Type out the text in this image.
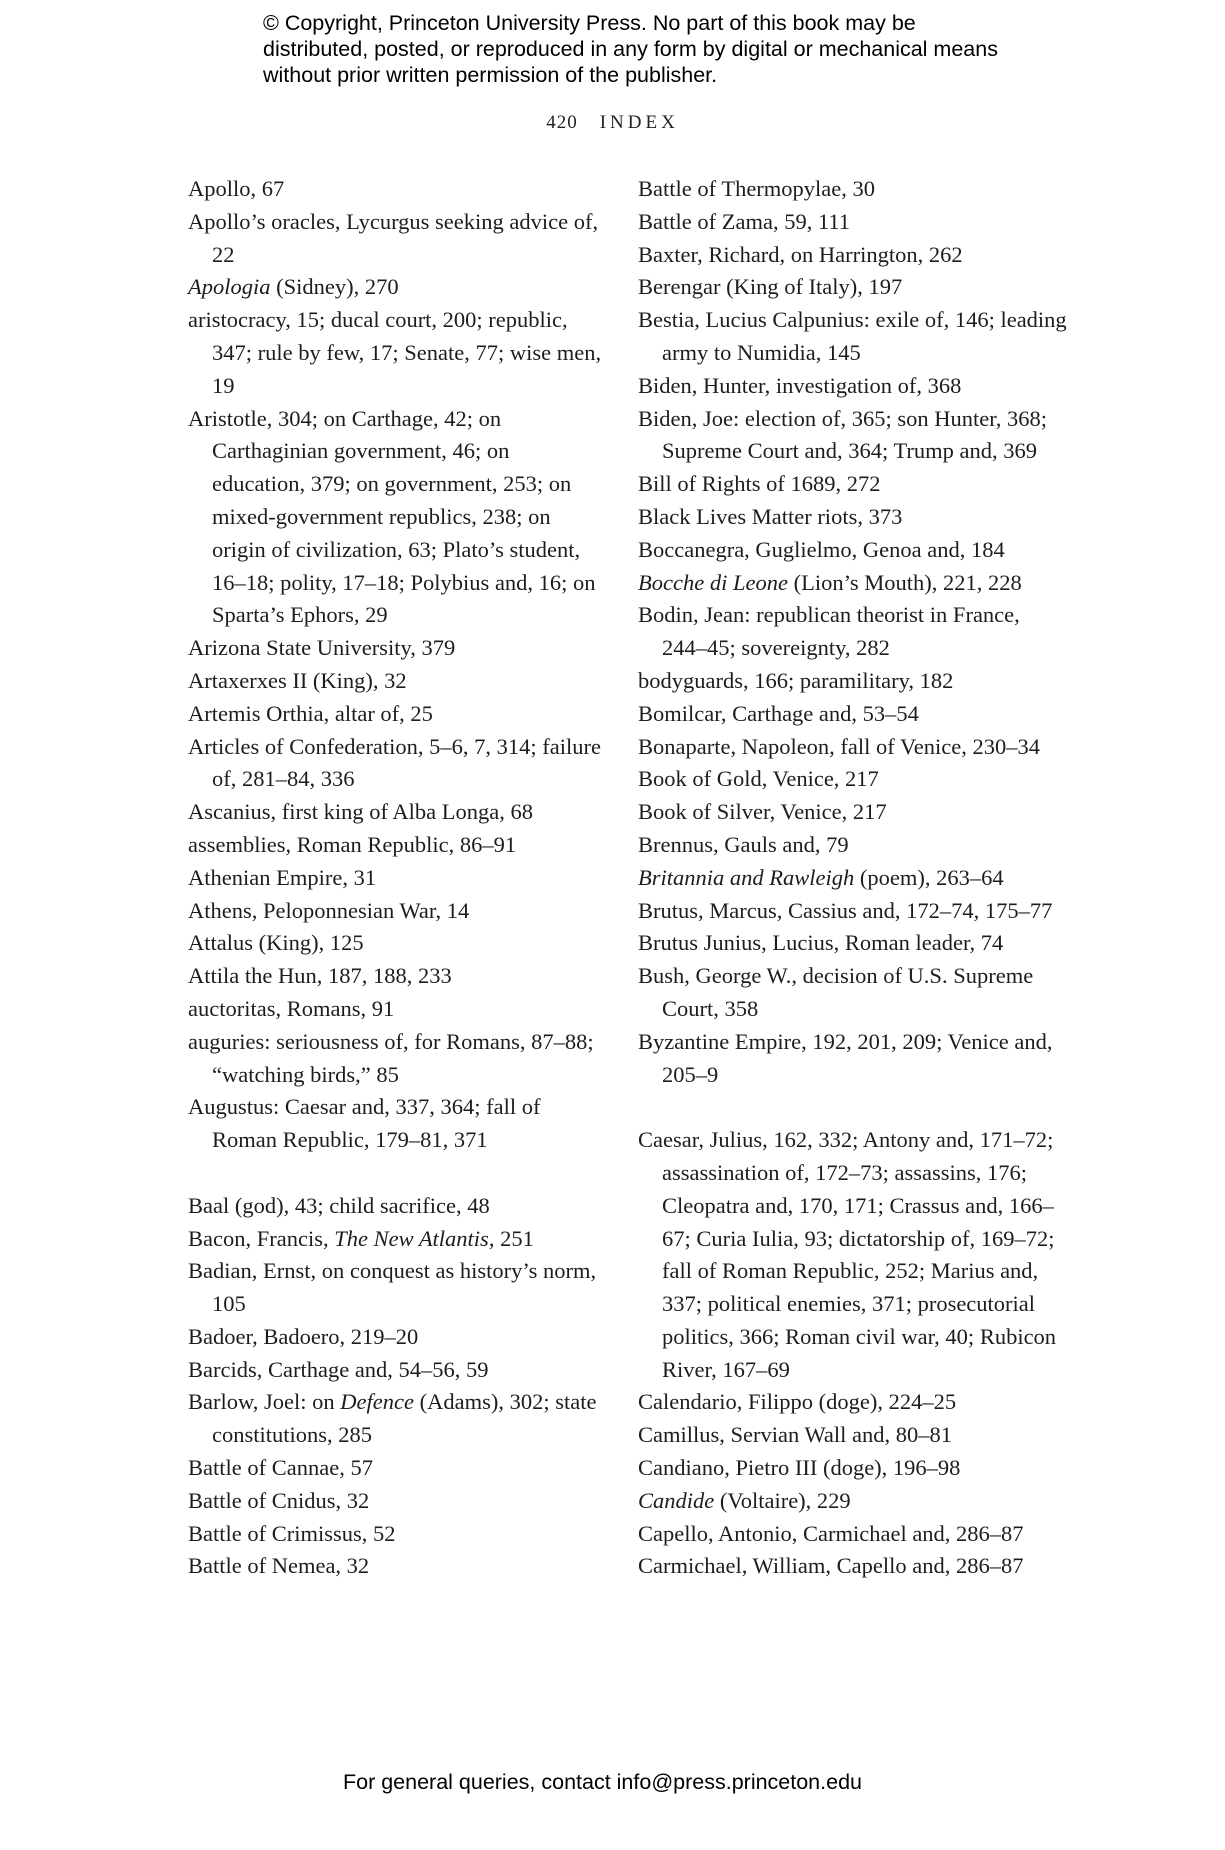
© Copyright, Princeton University Press. No part of this book may be distributed, posted, or reproduced in any form by digital or mechanical means without prior written permission of the publisher.
420 INDEX
Apollo, 67
Apollo’s oracles, Lycurgus seeking advice of, 22
Apologia (Sidney), 270
aristocracy, 15; ducal court, 200; republic, 347; rule by few, 17; Senate, 77; wise men, 19
Aristotle, 304; on Carthage, 42; on Carthaginian government, 46; on education, 379; on government, 253; on mixed-government republics, 238; on origin of civilization, 63; Plato’s student, 16–18; polity, 17–18; Polybius and, 16; on Sparta’s Ephors, 29
Arizona State University, 379
Artaxerxes II (King), 32
Artemis Orthia, altar of, 25
Articles of Confederation, 5–6, 7, 314; failure of, 281–84, 336
Ascanius, first king of Alba Longa, 68
assemblies, Roman Republic, 86–91
Athenian Empire, 31
Athens, Peloponnesian War, 14
Attalus (King), 125
Attila the Hun, 187, 188, 233
auctoritas, Romans, 91
auguries: seriousness of, for Romans, 87–88; “watching birds,” 85
Augustus: Caesar and, 337, 364; fall of Roman Republic, 179–81, 371
Baal (god), 43; child sacrifice, 48
Bacon, Francis, The New Atlantis, 251
Badian, Ernst, on conquest as history’s norm, 105
Badoer, Badoero, 219–20
Barcids, Carthage and, 54–56, 59
Barlow, Joel: on Defence (Adams), 302; state constitutions, 285
Battle of Cannae, 57
Battle of Cnidus, 32
Battle of Crimissus, 52
Battle of Nemea, 32
Battle of Thermopylae, 30
Battle of Zama, 59, 111
Baxter, Richard, on Harrington, 262
Berengar (King of Italy), 197
Bestia, Lucius Calpunius: exile of, 146; leading army to Numidia, 145
Biden, Hunter, investigation of, 368
Biden, Joe: election of, 365; son Hunter, 368; Supreme Court and, 364; Trump and, 369
Bill of Rights of 1689, 272
Black Lives Matter riots, 373
Boccanegra, Guglielmo, Genoa and, 184
Bocche di Leone (Lion’s Mouth), 221, 228
Bodin, Jean: republican theorist in France, 244–45; sovereignty, 282
bodyguards, 166; paramilitary, 182
Bomilcar, Carthage and, 53–54
Bonaparte, Napoleon, fall of Venice, 230–34
Book of Gold, Venice, 217
Book of Silver, Venice, 217
Brennus, Gauls and, 79
Britannia and Rawleigh (poem), 263–64
Brutus, Marcus, Cassius and, 172–74, 175–77
Brutus Junius, Lucius, Roman leader, 74
Bush, George W., decision of U.S. Supreme Court, 358
Byzantine Empire, 192, 201, 209; Venice and, 205–9
Caesar, Julius, 162, 332; Antony and, 171–72; assassination of, 172–73; assassins, 176; Cleopatra and, 170, 171; Crassus and, 166–67; Curia Iulia, 93; dictatorship of, 169–72; fall of Roman Republic, 252; Marius and, 337; political enemies, 371; prosecutorial politics, 366; Roman civil war, 40; Rubicon River, 167–69
Calendario, Filippo (doge), 224–25
Camillus, Servian Wall and, 80–81
Candiano, Pietro III (doge), 196–98
Candide (Voltaire), 229
Capello, Antonio, Carmichael and, 286–87
Carmichael, William, Capello and, 286–87
For general queries, contact info@press.princeton.edu
